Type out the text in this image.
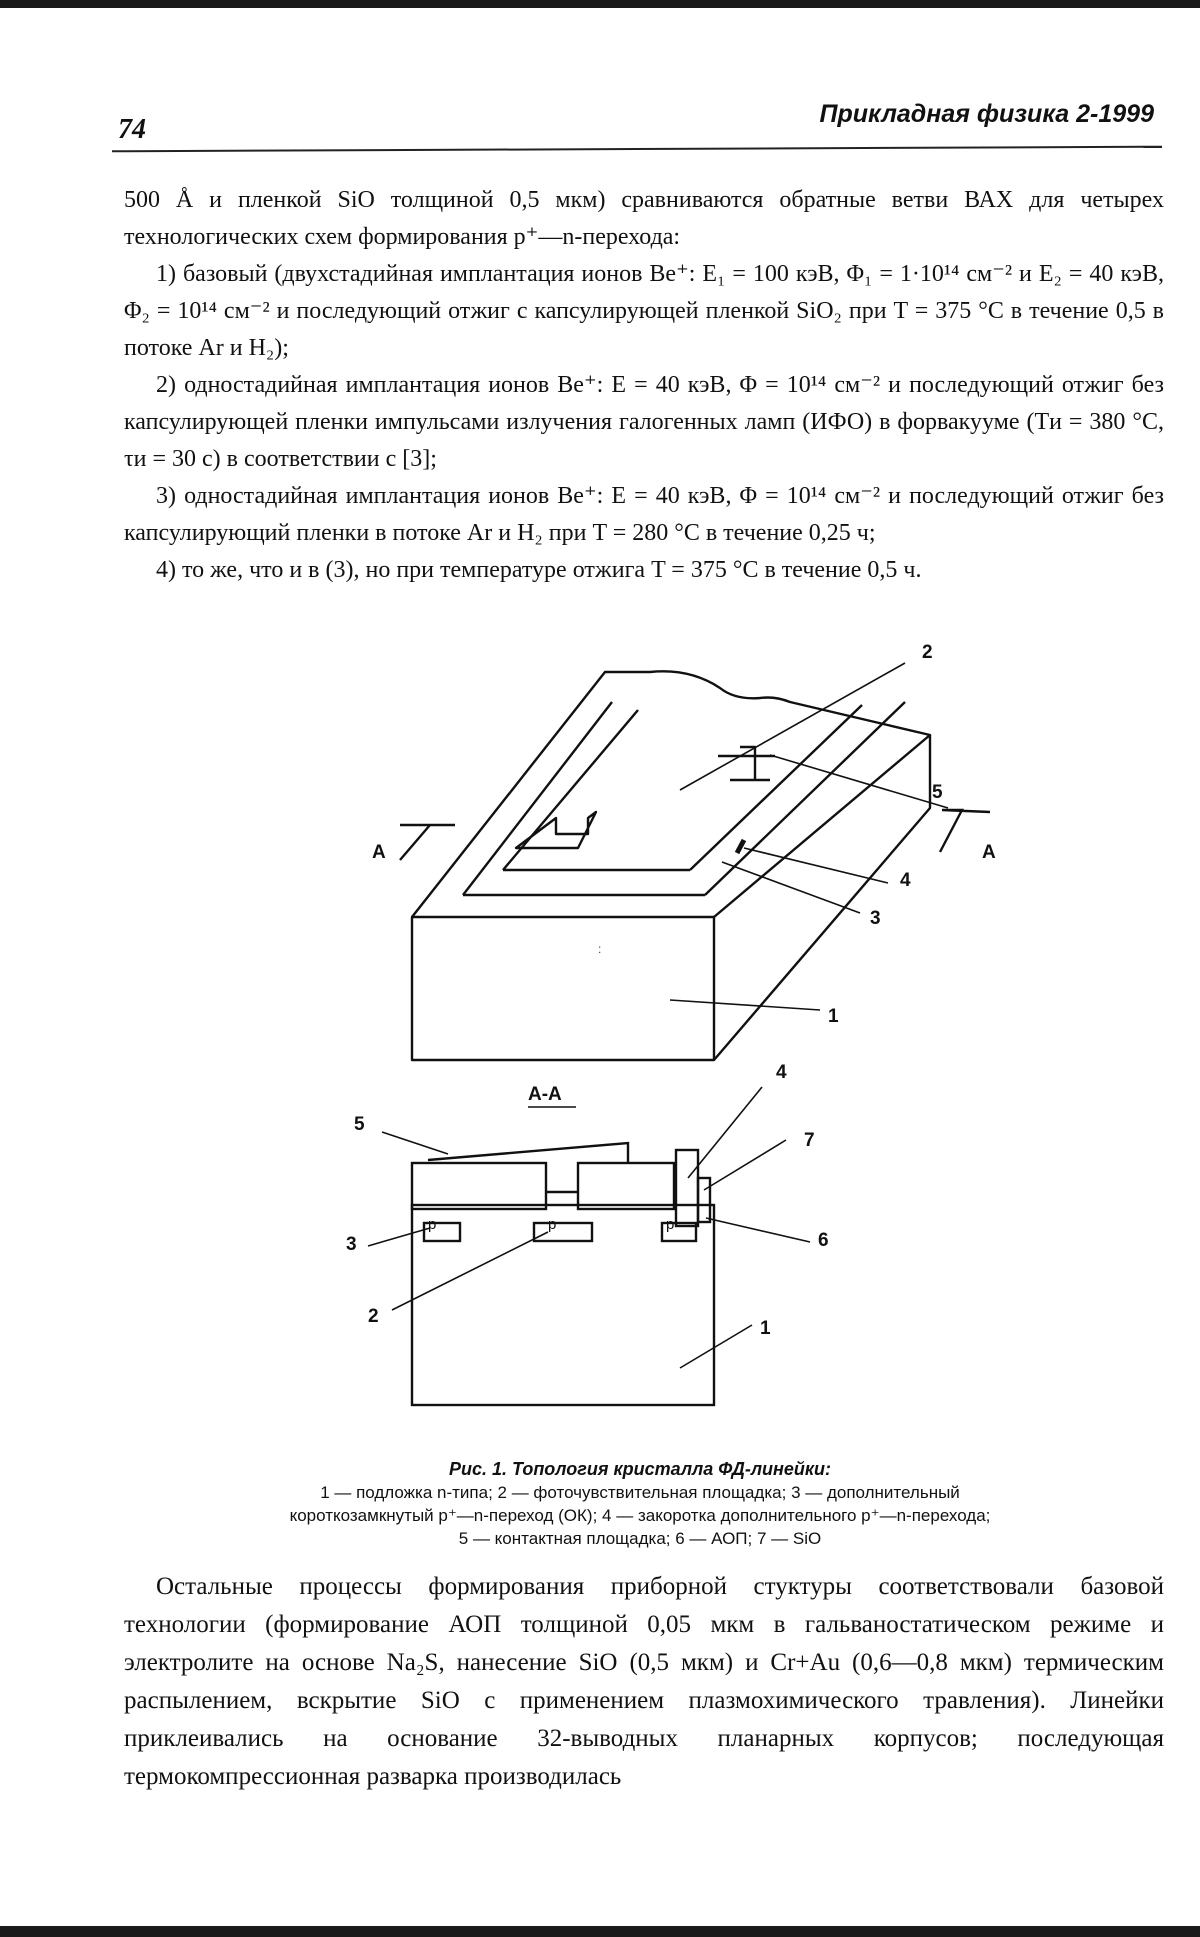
74	Прикладная физика 2-1999

500 Å и пленкой SiO толщиной 0,5 мкм) сравниваются обратные ветви ВАХ для четырех технологических схем формирования p⁺—n-перехода:

1) базовый (двухстадийная имплантация ионов Be⁺: E₁ = 100 кэВ, Φ₁ = 1·10¹⁴ см⁻² и E₂ = 40 кэВ, Φ₂ = 10¹⁴ см⁻² и последующий отжиг с капсулирующей пленкой SiO₂ при T = 375 °C в течение 0,5 в потоке Ar и H₂);

2) одностадийная имплантация ионов Be⁺: E = 40 кэВ, Φ = 10¹⁴ см⁻² и последующий отжиг без капсулирующей пленки импульсами излучения галогенных ламп (ИФО) в форвакууме (Tи = 380 °C, τи = 30 с) в соответствии с [3];

3) одностадийная имплантация ионов Be⁺: E = 40 кэВ, Φ = 10¹⁴ см⁻² и последующий отжиг без капсулирующий пленки в потоке Ar и H₂ при T = 280 °C в течение 0,25 ч;

4) то же, что и в (3), но при температуре отжига T = 375 °C в течение 0,5 ч.

:
A	A
1
2
3
4
5
A-A
1
2
3
4
5
6
7
p	p	p
Рис. 1. Топология кристалла ФД-линейки:
1 — подложка n-типа; 2 — фоточувствительная площадка; 3 — дополнительный
короткозамкнутый p⁺—n-переход (ОК); 4 — закоротка дополнительного p⁺—n-перехода;
5 — контактная площадка; 6 — АОП; 7 — SiO

Остальные процессы формирования приборной стуктуры соответствовали базовой технологии (формирование АОП толщиной 0,05 мкм в гальваностатическом режиме и электролите на основе Na₂S, нанесение SiO (0,5 мкм) и Cr+Au (0,6—0,8 мкм) термическим распылением, вскрытие SiO с применением плазмохимического травления). Линейки приклеивались на основание 32-выводных планарных корпусов; последующая термокомпрессионная разварка производилась
